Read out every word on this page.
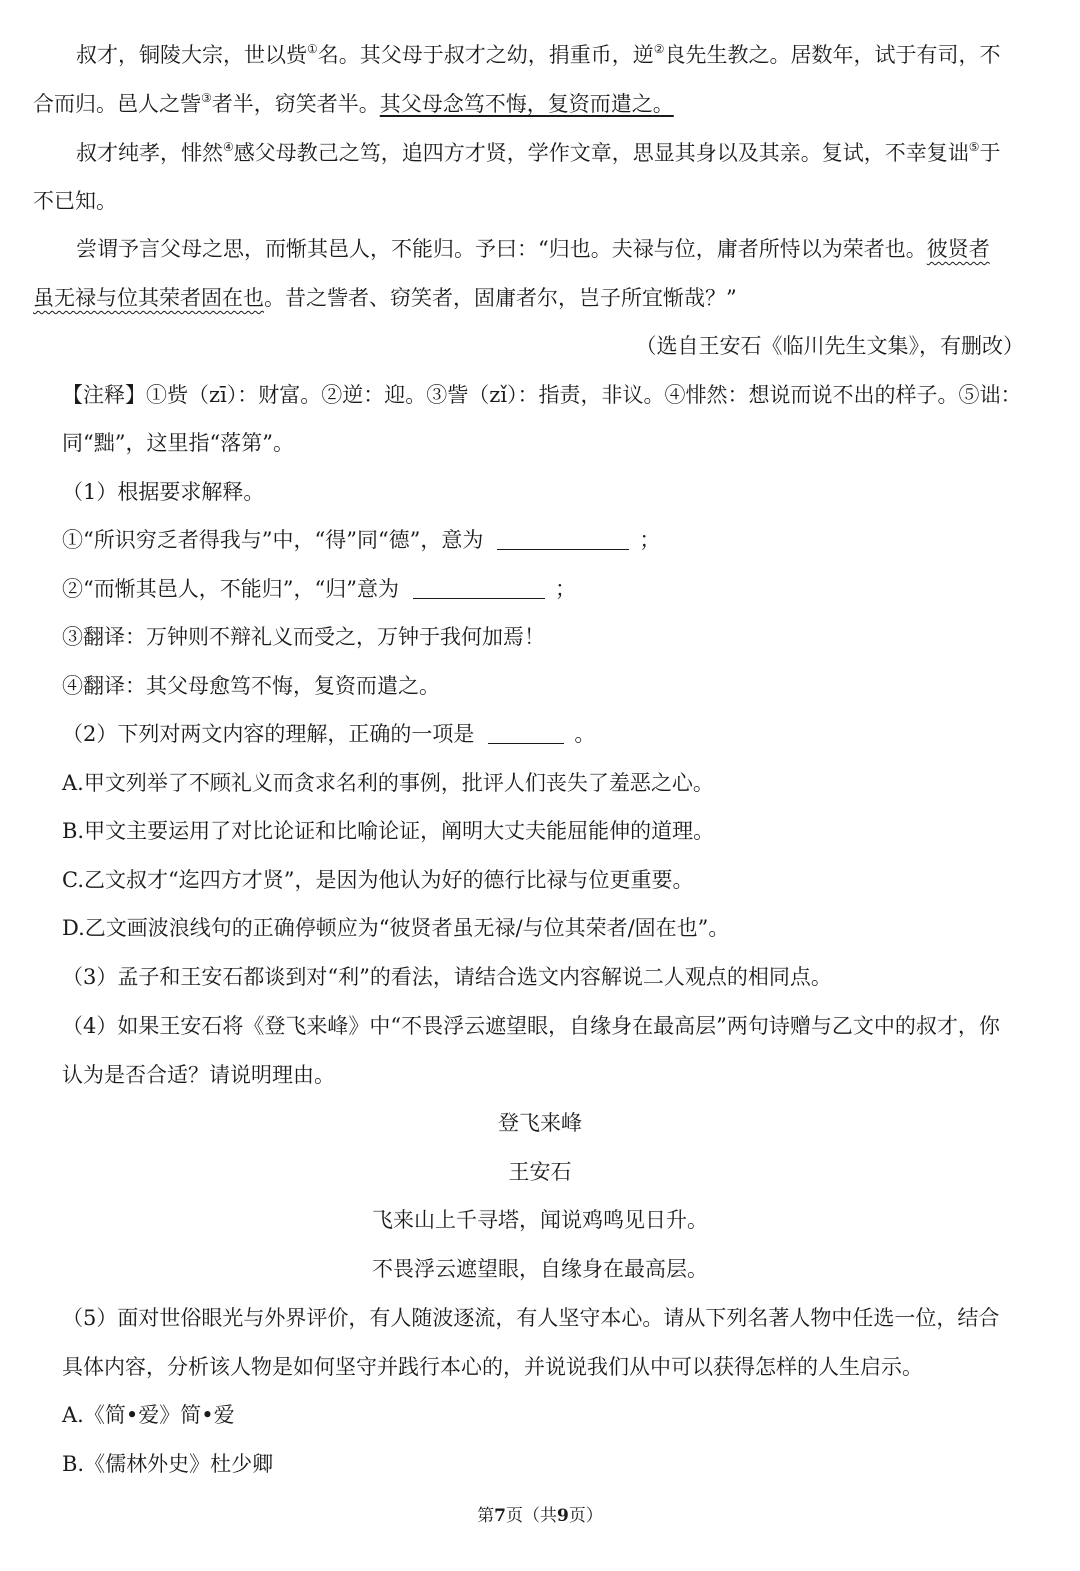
叔才，铜陵大宗，世以赀①名。其父母于叔才之幼，捐重币，逆②良先生教之。居数年，试于有司，不
合而归。邑人之訾③者半，窃笑者半。其父母念笃不悔，复资而遣之。
叔才纯孝，悱然④感父母教己之笃，追四方才贤，学作文章，思显其身以及其亲。复试，不幸复诎⑤于
不已知。
尝谓予言父母之思，而惭其邑人，不能归。予曰：“归也。夫禄与位，庸者所恃以为荣者也。彼贤者
虽无禄与位其荣者固在也。昔之訾者、窃笑者，固庸者尔，岂子所宜惭哉？”
（选自王安石《临川先生文集》，有删改）
【注释】①赀（zī）：财富。②逆：迎。③訾（zǐ）：指责，非议。④悱然：想说而说不出的样子。⑤诎：
同“黜”，这里指“落第”。
（1）根据要求解释。
①“所识穷乏者得我与”中，“得”同“德”，意为	；
②“而惭其邑人，不能归”，“归”意为	；
③翻译：万钟则不辩礼义而受之，万钟于我何加焉！
④翻译：其父母愈笃不悔，复资而遣之。
（2）下列对两文内容的理解，正确的一项是	。
A.甲文列举了不顾礼义而贪求名利的事例，批评人们丧失了羞恶之心。
B.甲文主要运用了对比论证和比喻论证，阐明大丈夫能屈能伸的道理。
C.乙文叔才“迄四方才贤”，是因为他认为好的德行比禄与位更重要。
D.乙文画波浪线句的正确停顿应为“彼贤者虽无禄/与位其荣者/固在也”。
（3）孟子和王安石都谈到对“利”的看法，请结合选文内容解说二人观点的相同点。
（4）如果王安石将《登飞来峰》中“不畏浮云遮望眼，自缘身在最高层”两句诗赠与乙文中的叔才，你
认为是否合适？请说明理由。
登飞来峰
王安石
飞来山上千寻塔，闻说鸡鸣见日升。
不畏浮云遮望眼，自缘身在最高层。
（5）面对世俗眼光与外界评价，有人随波逐流，有人坚守本心。请从下列名著人物中任选一位，结合
具体内容，分析该人物是如何坚守并践行本心的，并说说我们从中可以获得怎样的人生启示。
A.《简•爱》简•爱
B.《儒林外史》杜少卿
第7页（共9页）
